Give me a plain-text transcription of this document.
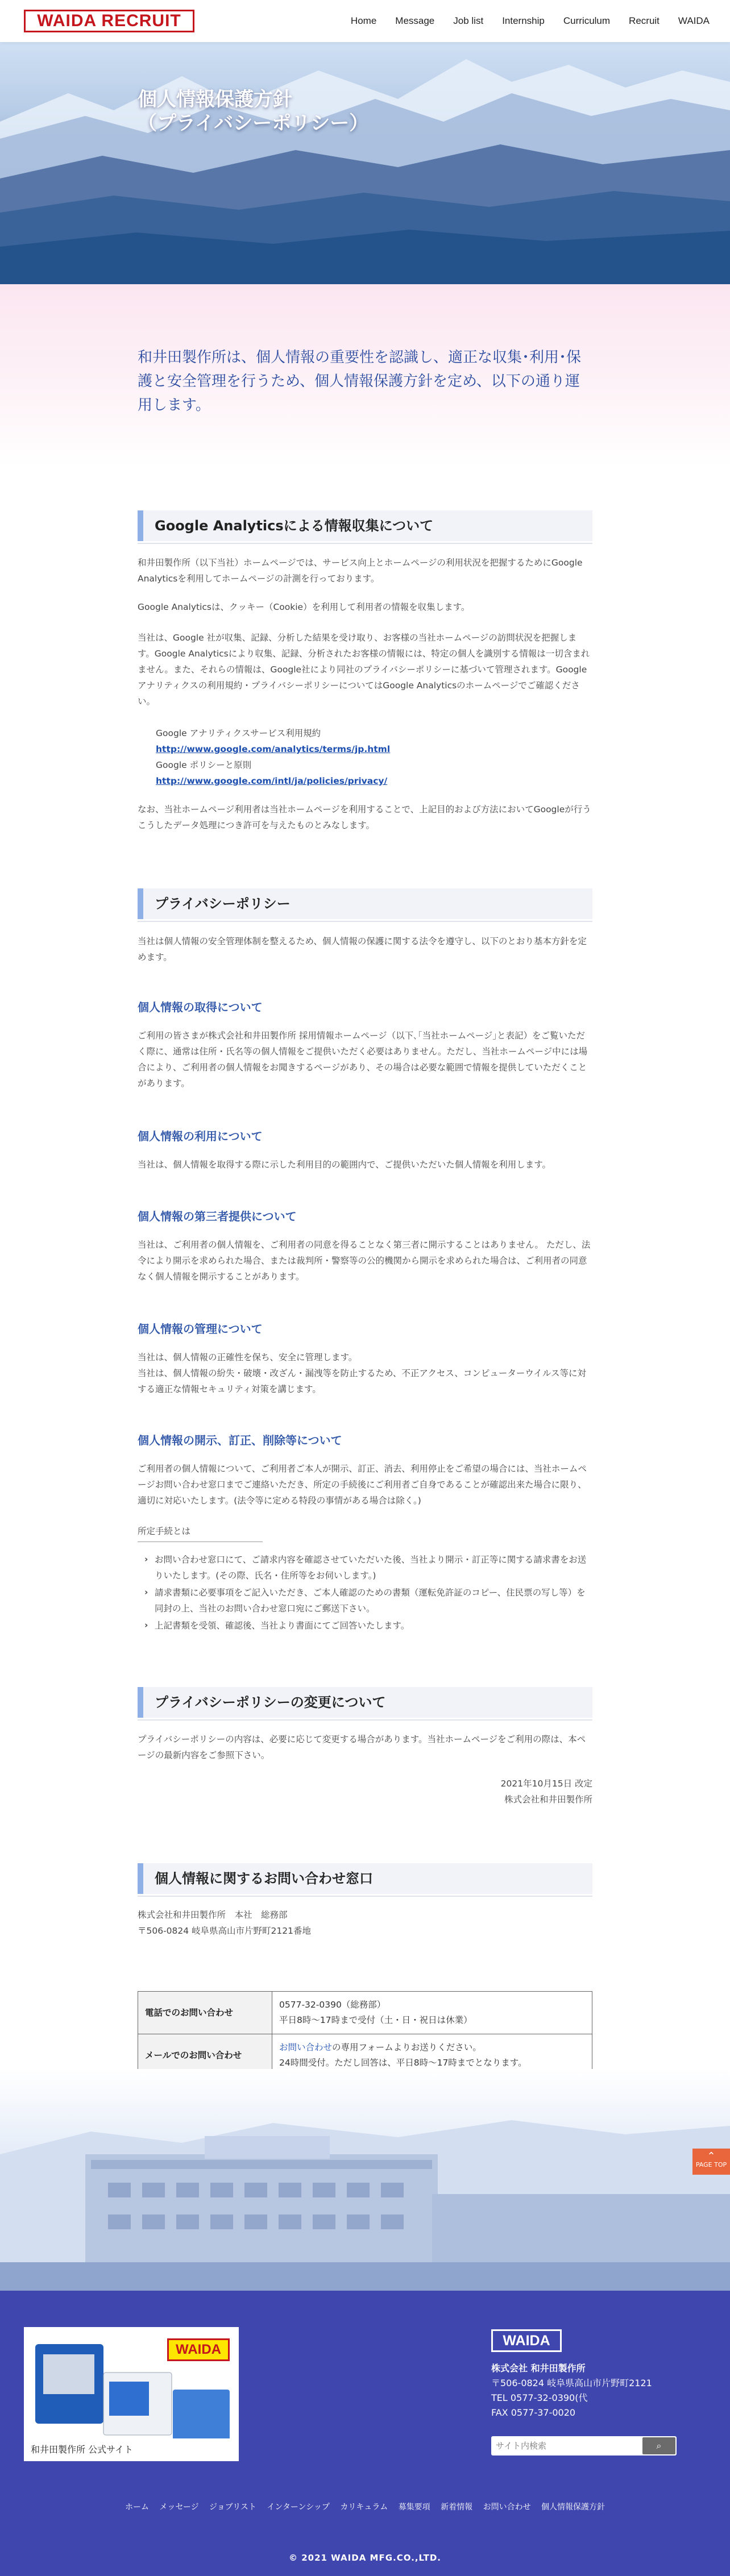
WAIDA RECRUIT	Home Message Job list Internship Curriculum Recruit WAIDA
個人情報保護方針
（プライバシーポリシー）

和井田製作所は、個人情報の重要性を認識し、適正な収集･利用･保護と安全管理を行うため、個人情報保護方針を定め、以下の通り運用します。

Google Analyticsによる情報収集について
和井田製作所（以下当社）ホームページでは、サービス向上とホームページの利用状況を把握するためにGoogle Analyticsを利用してホームページの計測を行っております。
Google Analyticsは、クッキー（Cookie）を利用して利用者の情報を収集します。
当社は、Google 社が収集、記録、分析した結果を受け取り、お客様の当社ホームページの訪問状況を把握します。Google Analyticsにより収集、記録、分析されたお客様の情報には、特定の個人を識別する情報は一切含まれません。また、それらの情報は、Google社により同社のプライバシーポリシーに基づいて管理されます。Googleアナリティクスの利用規約・プライバシーポリシーについてはGoogle Analyticsのホームページでご確認ください。
Google アナリティクスサービス利用規約
http://www.google.com/analytics/terms/jp.html
Google ポリシーと原則
http://www.google.com/intl/ja/policies/privacy/
なお、当社ホームページ利用者は当社ホームページを利用することで、上記目的および方法においてGoogleが行うこうしたデータ処理につき許可を与えたものとみなします。
プライバシーポリシー
当社は個人情報の安全管理体制を整えるため、個人情報の保護に関する法令を遵守し、以下のとおり基本方針を定めます。
個人情報の取得について
ご利用の皆さまが株式会社和井田製作所 採用情報ホームページ（以下､｢当社ホームページ｣と表記）をご覧いただく際に、通常は住所・氏名等の個人情報をご提供いただく必要はありません。ただし、当社ホームページ中には場合により、ご利用者の個人情報をお聞きするページがあり、その場合は必要な範囲で情報を提供していただくことがあります。
個人情報の利用について
当社は、個人情報を取得する際に示した利用目的の範囲内で、ご提供いただいた個人情報を利用します。
個人情報の第三者提供について
当社は、ご利用者の個人情報を、ご利用者の同意を得ることなく第三者に開示することはありません。 ただし、法令により開示を求められた場合、または裁判所・警察等の公的機関から開示を求められた場合は、ご利用者の同意なく個人情報を開示することがあります。
個人情報の管理について
当社は、個人情報の正確性を保ち、安全に管理します。
当社は、個人情報の紛失・破壊・改ざん・漏洩等を防止するため、不正アクセス、コンピューターウイルス等に対する適正な情報セキュリティ対策を講じます。
個人情報の開示、訂正、削除等について
ご利用者の個人情報について、ご利用者ご本人が開示、訂正、消去、利用停止をご希望の場合には、当社ホームページお問い合わせ窓口までご連絡いただき、所定の手続後にご利用者ご自身であることが確認出来た場合に限り、適切に対応いたします。(法令等に定める特段の事情がある場合は除く。)
所定手続とは
› お問い合わせ窓口にて、ご請求内容を確認させていただいた後、当社より開示・訂正等に関する請求書をお送りいたします。(その際、氏名・住所等をお伺いします。)
› 請求書類に必要事項をご記入いただき、ご本人確認のための書類（運転免許証のコピー、住民票の写し等）を同封の上、当社のお問い合わせ窓口宛にご郵送下さい。
› 上記書類を受領、確認後、当社より書面にてご回答いたします。
プライバシーポリシーの変更について
プライバシーポリシーの内容は、必要に応じて変更する場合があります。当社ホームページをご利用の際は、本ページの最新内容をご参照下さい。
2021年10月15日 改定
株式会社和井田製作所
個人情報に関するお問い合わせ窓口
株式会社和井田製作所　本社　総務部
〒506-0824 岐阜県高山市片野町2121番地
電話でのお問い合わせ	0577-32-0390（総務部）
平日8時～17時まで受付（土・日・祝日は休業）

メールでのお問い合わせ	お問い合わせの専用フォームよりお送りください。
24時間受付。ただし回答は、平日8時～17時までとなります。
⌃
PAGE TOP
WAIDA
和井田製作所 公式サイト
WAIDA
株式会社 和井田製作所
〒506-0824 岐阜県高山市片野町2121
TEL 0577-32-0390(代
FAX 0577-37-0020
サイト内検索
⌕
ホーム メッセージ ジョブリスト インターンシップ カリキュラム 募集要項 新着情報 お問い合わせ 個人情報保護方針
© 2021 WAIDA MFG.CO.,LTD.
